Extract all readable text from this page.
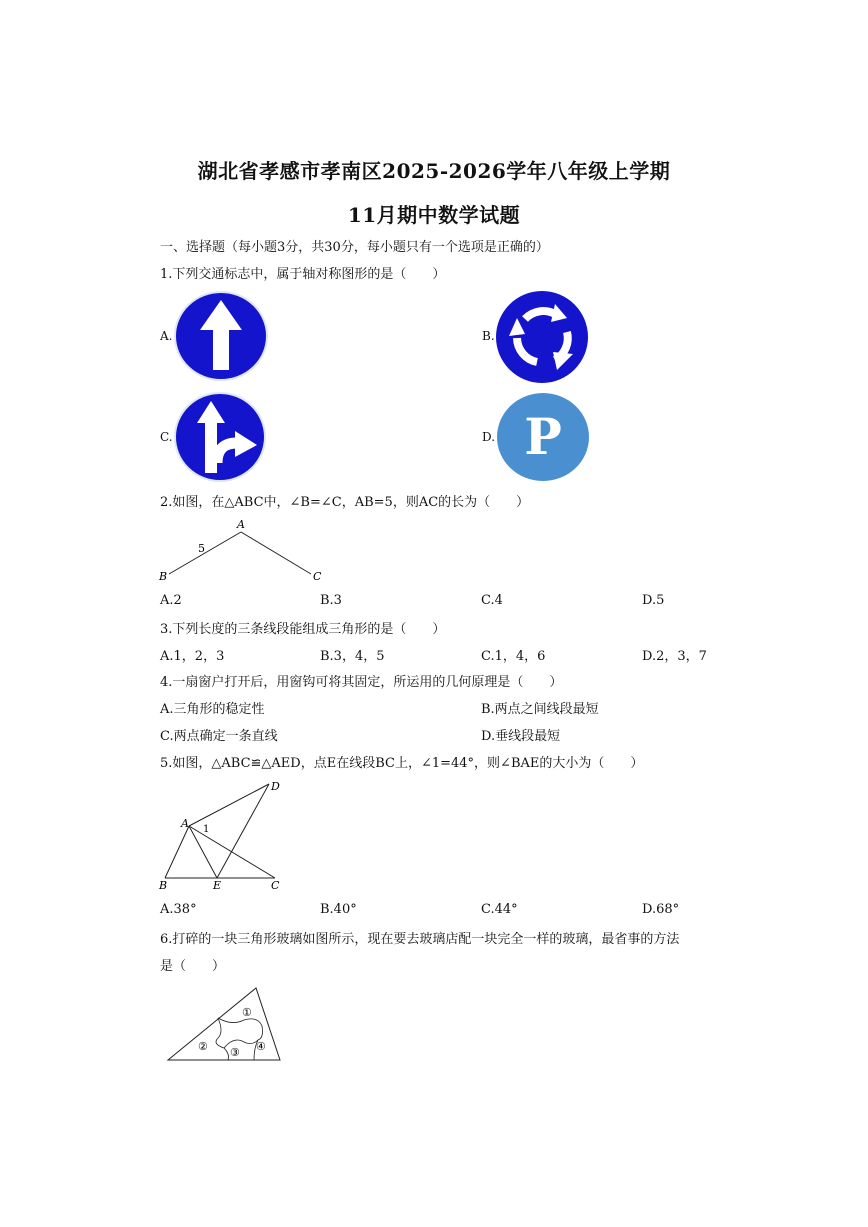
湖北省孝感市孝南区2025-2026学年八年级上学期
11月期中数学试题
一、选择题（每小题3分，共30分，每小题只有一个选项是正确的）
1.下列交通标志中，属于轴对称图形的是（　　）
A.	B.
C.	D. P
2.如图，在△ABC中，∠B=∠C，AB=5，则AC的长为（　　）
A
B	C
5
A.2	B.3	C.4	D.5
3.下列长度的三条线段能组成三角形的是（　　）
A.1，2，3	B.3，4，5	C.1，4，6	D.2，3，7
4.一扇窗户打开后，用窗钩可将其固定，所运用的几何原理是（　　）
A.三角形的稳定性	B.两点之间线段最短
C.两点确定一条直线	D.垂线段最短
5.如图，△ABC≌△AED，点E在线段BC上，∠1=44°，则∠BAE的大小为（　　）
A
B	E	C
D
1
A.38°	B.40°	C.44°	D.68°
6.打碎的一块三角形玻璃如图所示，现在要去玻璃店配一块完全一样的玻璃，最省事的方法
是（　　）
①
② ③ ④
